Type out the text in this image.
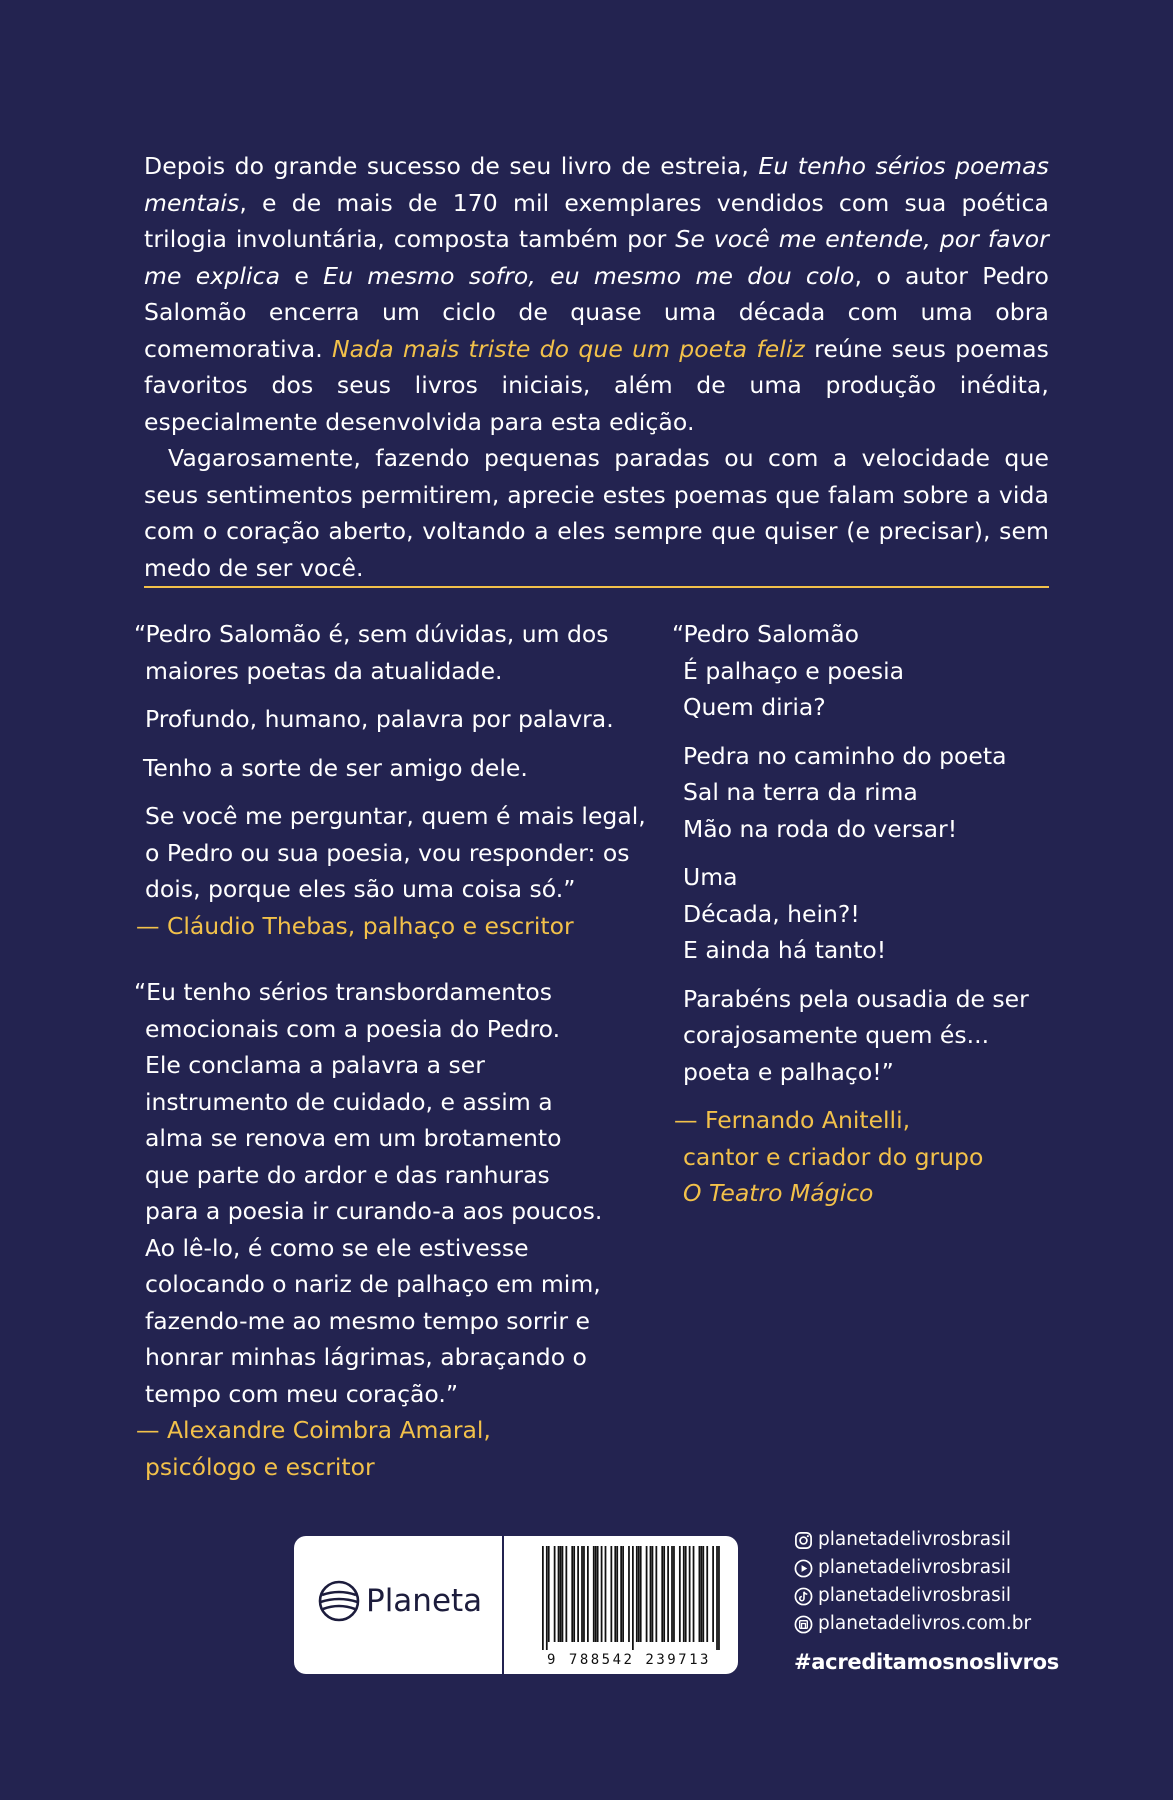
Depois do grande sucesso de seu livro de estreia, Eu tenho sérios poemas mentais, e de mais de 170 mil exemplares vendidos com sua poética trilogia involuntária, composta também por Se você me entende, por favor me explica e Eu mesmo sofro, eu mesmo me dou colo, o autor Pedro Salomão encerra um ciclo de quase uma década com uma obra comemorativa. Nada mais triste do que um poeta feliz reúne seus poemas favoritos dos seus livros iniciais, além de uma produção inédita, especialmente desenvolvida para esta edição.

Vagarosamente, fazendo pequenas paradas ou com a velocidade que seus sentimentos permitirem, aprecie estes poemas que falam sobre a vida com o coração aberto, voltando a eles sempre que quiser (e precisar), sem medo de ser você.

“Pedro Salomão é, sem dúvidas, um dos
maiores poetas da atualidade.
Profundo, humano, palavra por palavra.
Tenho a sorte de ser amigo dele.
Se você me perguntar, quem é mais legal,
o Pedro ou sua poesia, vou responder: os
dois, porque eles são uma coisa só.”
— Cláudio Thebas, palhaço e escritor
“Eu tenho sérios transbordamentos
emocionais com a poesia do Pedro.
Ele conclama a palavra a ser
instrumento de cuidado, e assim a
alma se renova em um brotamento
que parte do ardor e das ranhuras
para a poesia ir curando-a aos poucos.
Ao lê-lo, é como se ele estivesse
colocando o nariz de palhaço em mim,
fazendo-me ao mesmo tempo sorrir e
honrar minhas lágrimas, abraçando o
tempo com meu coração.”
— Alexandre Coimbra Amaral,
psicólogo e escritor
“Pedro Salomão
É palhaço e poesia
Quem diria?
Pedra no caminho do poeta
Sal na terra da rima
Mão na roda do versar!
Uma
Década, hein?!
E ainda há tanto!
Parabéns pela ousadia de ser
corajosamente quem és...
poeta e palhaço!”
— Fernando Anitelli,
cantor e criador do grupo
O Teatro Mágico
Planeta
9 788542 239713
planetadelivrosbrasil
planetadelivrosbrasil
planetadelivrosbrasil
planetadelivros.com.br
#acreditamosnoslivros
